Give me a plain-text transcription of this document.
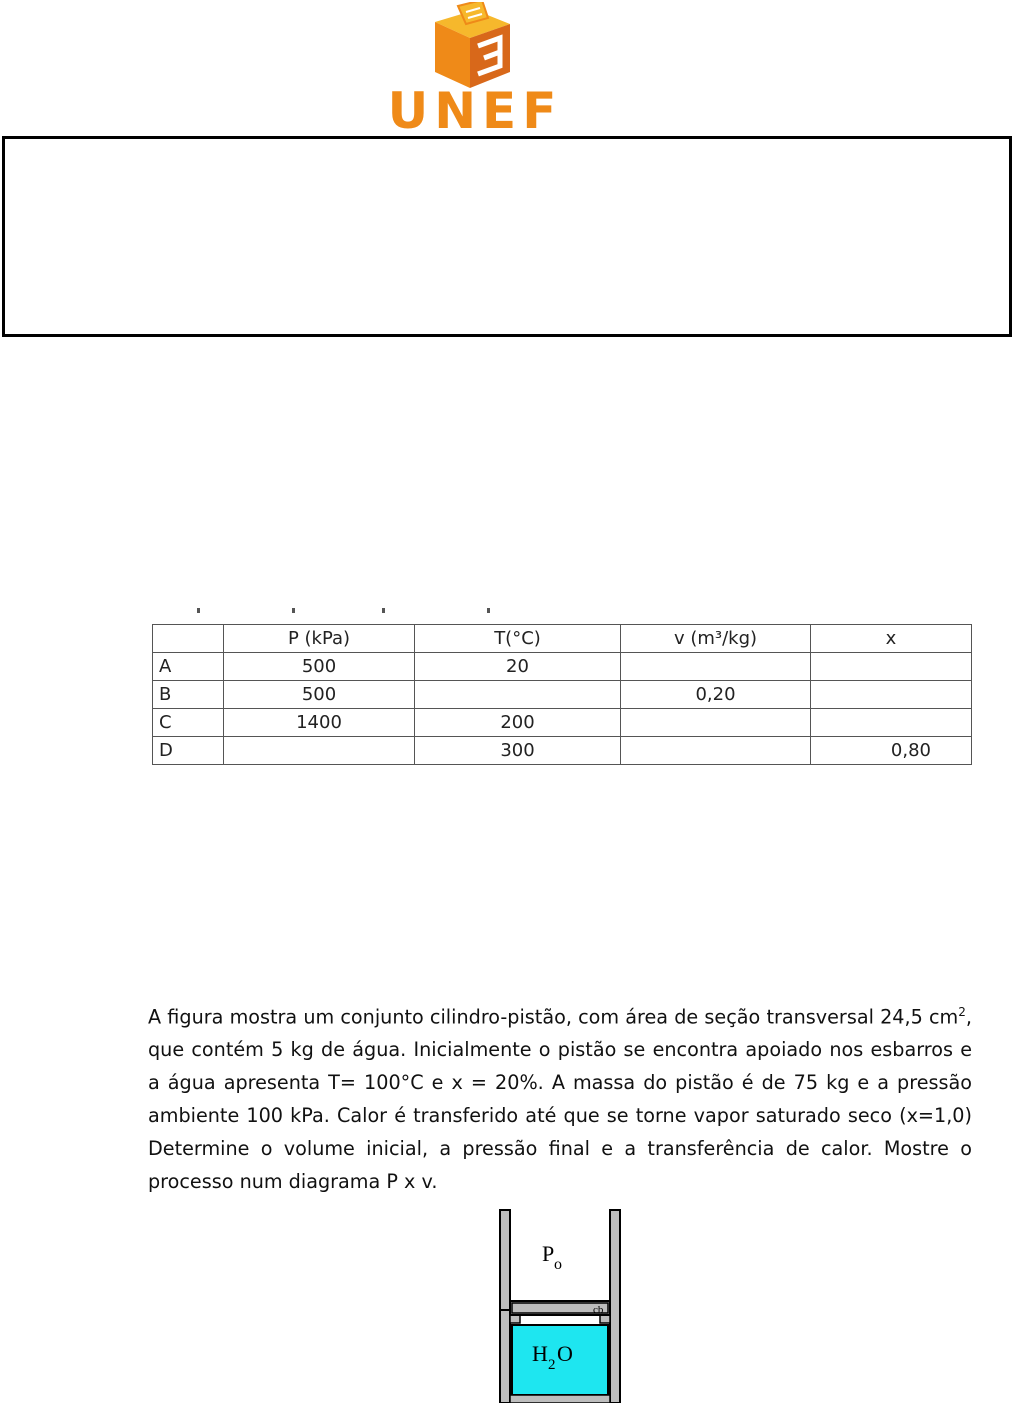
UNEF
	P (kPa)	T(°C)	v (m³/kg)	x
A	500	20		
B	500		0,20	
C	1400	200		
D		300		0,80
A figura mostra um conjunto cilindro-pistão, com área de seção transversal 24,5 $cm^2$, que contém 5 kg de água. Inicialmente o pistão se encontra apoiado nos esbarros e a água apresenta T= 100°C e x = 20%. A massa do pistão é de 75 kg e a pressão ambiente 100 kPa. Calor é transferido até que se torne vapor saturado seco (x=1,0) Determine o volume inicial, a pressão final e a transferência de calor. Mostre o processo num diagrama P x v.
P o
cb
H 2 O
